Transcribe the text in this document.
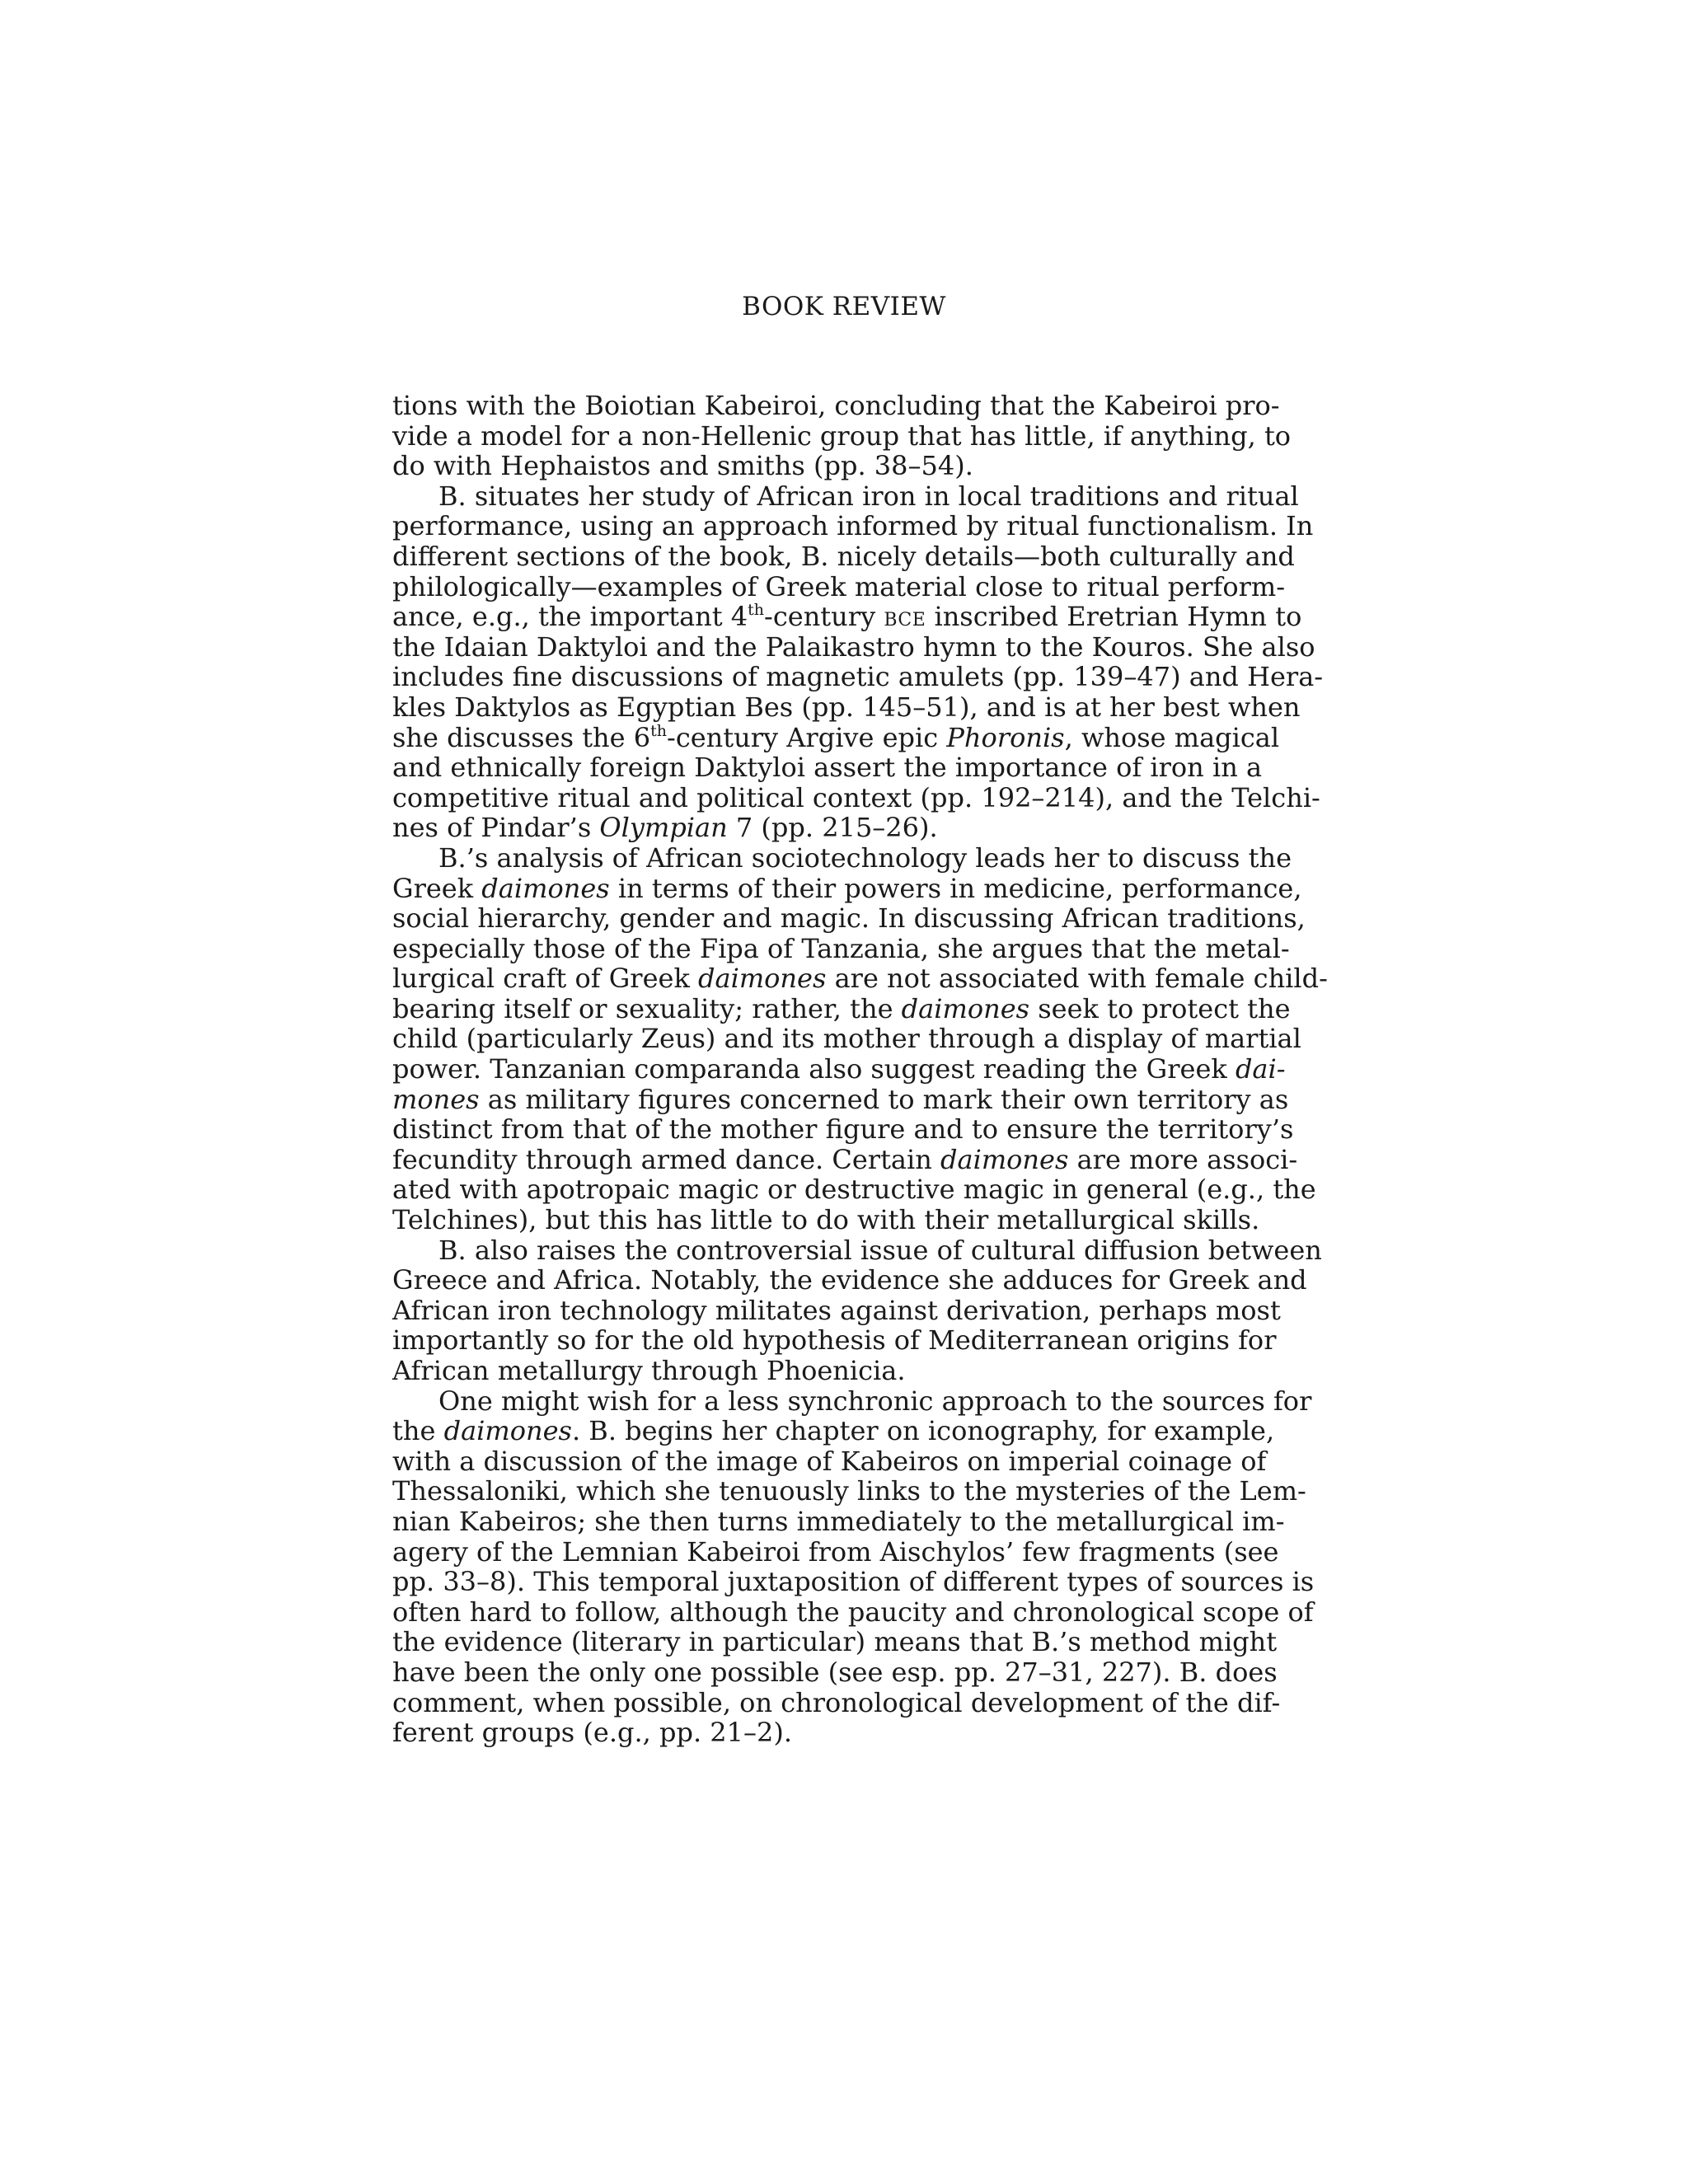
BOOK REVIEW
tions with the Boiotian Kabeiroi, concluding that the Kabeiroi pro-
vide a model for a non-Hellenic group that has little, if anything, to
do with Hephaistos and smiths (pp. 38–54).
B. situates her study of African iron in local traditions and ritual
performance, using an approach informed by ritual functionalism. In
different sections of the book, B. nicely details—both culturally and
philologically—examples of Greek material close to ritual perform-
ance, e.g., the important 4th-century BCE inscribed Eretrian Hymn to
the Idaian Daktyloi and the Palaikastro hymn to the Kouros. She also
includes fine discussions of magnetic amulets (pp. 139–47) and Hera-
kles Daktylos as Egyptian Bes (pp. 145–51), and is at her best when
she discusses the 6th-century Argive epic Phoronis, whose magical
and ethnically foreign Daktyloi assert the importance of iron in a
competitive ritual and political context (pp. 192–214), and the Telchi-
nes of Pindar’s Olympian 7 (pp. 215–26).
B.’s analysis of African sociotechnology leads her to discuss the
Greek daimones in terms of their powers in medicine, performance,
social hierarchy, gender and magic. In discussing African traditions,
especially those of the Fipa of Tanzania, she argues that the metal-
lurgical craft of Greek daimones are not associated with female child-
bearing itself or sexuality; rather, the daimones seek to protect the
child (particularly Zeus) and its mother through a display of martial
power. Tanzanian comparanda also suggest reading the Greek dai-
mones as military figures concerned to mark their own territory as
distinct from that of the mother figure and to ensure the territory’s
fecundity through armed dance. Certain daimones are more associ-
ated with apotropaic magic or destructive magic in general (e.g., the
Telchines), but this has little to do with their metallurgical skills.
B. also raises the controversial issue of cultural diffusion between
Greece and Africa. Notably, the evidence she adduces for Greek and
African iron technology militates against derivation, perhaps most
importantly so for the old hypothesis of Mediterranean origins for
African metallurgy through Phoenicia.
One might wish for a less synchronic approach to the sources for
the daimones. B. begins her chapter on iconography, for example,
with a discussion of the image of Kabeiros on imperial coinage of
Thessaloniki, which she tenuously links to the mysteries of the Lem-
nian Kabeiros; she then turns immediately to the metallurgical im-
agery of the Lemnian Kabeiroi from Aischylos’ few fragments (see
pp. 33–8). This temporal juxtaposition of different types of sources is
often hard to follow, although the paucity and chronological scope of
the evidence (literary in particular) means that B.’s method might
have been the only one possible (see esp. pp. 27–31, 227). B. does
comment, when possible, on chronological development of the dif-
ferent groups (e.g., pp. 21–2).
